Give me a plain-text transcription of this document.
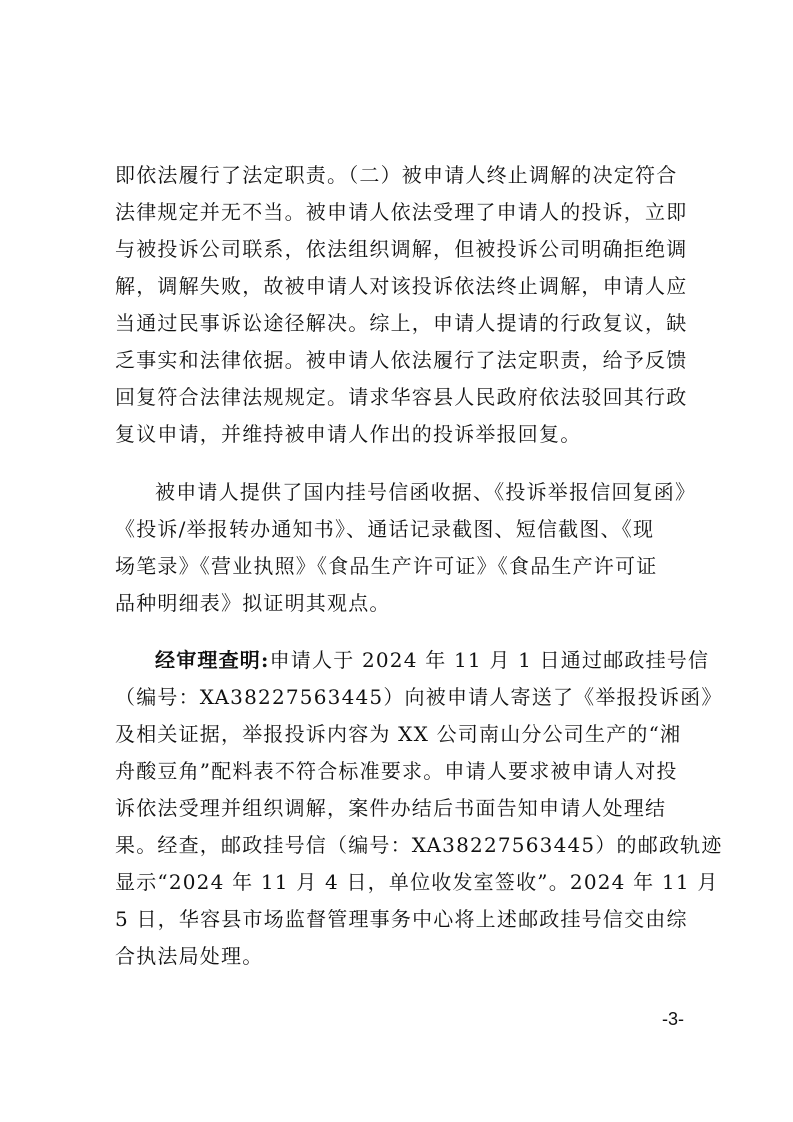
即依法履行了法定职责。（二）被申请人终止调解的决定符合
法律规定并无不当。被申请人依法受理了申请人的投诉，立即
与被投诉公司联系，依法组织调解，但被投诉公司明确拒绝调
解，调解失败，故被申请人对该投诉依法终止调解，申请人应
当通过民事诉讼途径解决。综上，申请人提请的行政复议，缺
乏事实和法律依据。被申请人依法履行了法定职责，给予反馈
回复符合法律法规规定。请求华容县人民政府依法驳回其行政
复议申请，并维持被申请人作出的投诉举报回复。
被申请人提供了国内挂号信函收据、《投诉举报信回复函》
《投诉/举报转办通知书》、通话记录截图、短信截图、《现
场笔录》《营业执照》《食品生产许可证》《食品生产许可证
品种明细表》拟证明其观点。
经审理查明:申请人于 2024 年 11 月 1 日通过邮政挂号信
（编号：XA38227563445）向被申请人寄送了《举报投诉函》
及相关证据，举报投诉内容为 XX 公司南山分公司生产的“湘
舟酸豆角”配料表不符合标准要求。申请人要求被申请人对投
诉依法受理并组织调解，案件办结后书面告知申请人处理结
果。经查，邮政挂号信（编号：XA38227563445）的邮政轨迹
显示“2024 年 11 月 4 日，单位收发室签收”。2024 年 11 月
5 日，华容县市场监督管理事务中心将上述邮政挂号信交由综
合执法局处理。
-3-
